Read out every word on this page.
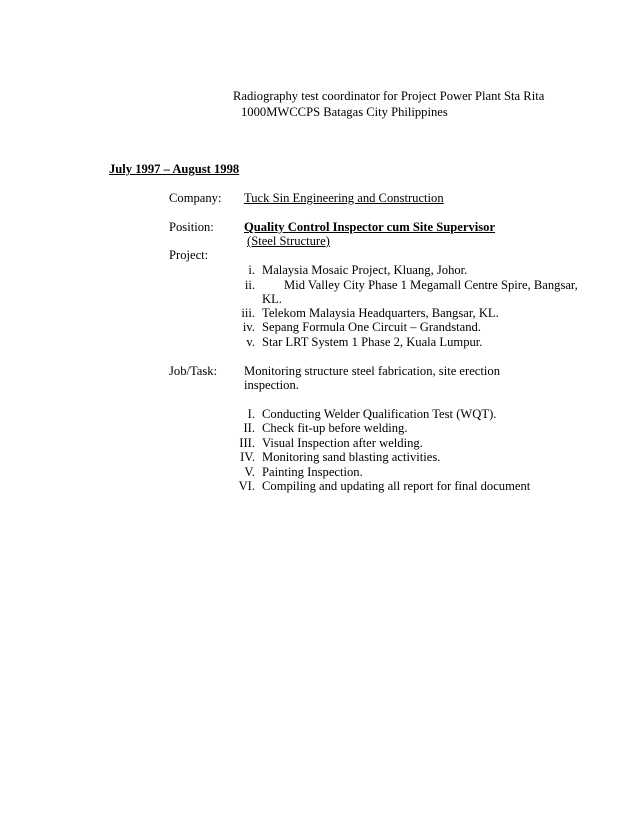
Radiography test coordinator for Project Power Plant Sta Rita
1000MWCCPS Batagas City Philippines
July 1997 – August 1998
Company: Tuck Sin Engineering and Construction
Position: Quality Control Inspector cum Site Supervisor
(Steel Structure)
Project:
i. Malaysia Mosaic Project, Kluang, Johor.
ii. Mid Valley City Phase 1 Megamall Centre Spire, Bangsar,
KL.
iii. Telekom Malaysia Headquarters, Bangsar, KL.
iv. Sepang Formula One Circuit – Grandstand.
v. Star LRT System 1 Phase 2, Kuala Lumpur.
Job/Task: Monitoring structure steel fabrication, site erection
inspection.
I. Conducting Welder Qualification Test (WQT).
II. Check fit-up before welding.
III. Visual Inspection after welding.
IV. Monitoring sand blasting activities.
V. Painting Inspection.
VI. Compiling and updating all report for final document
